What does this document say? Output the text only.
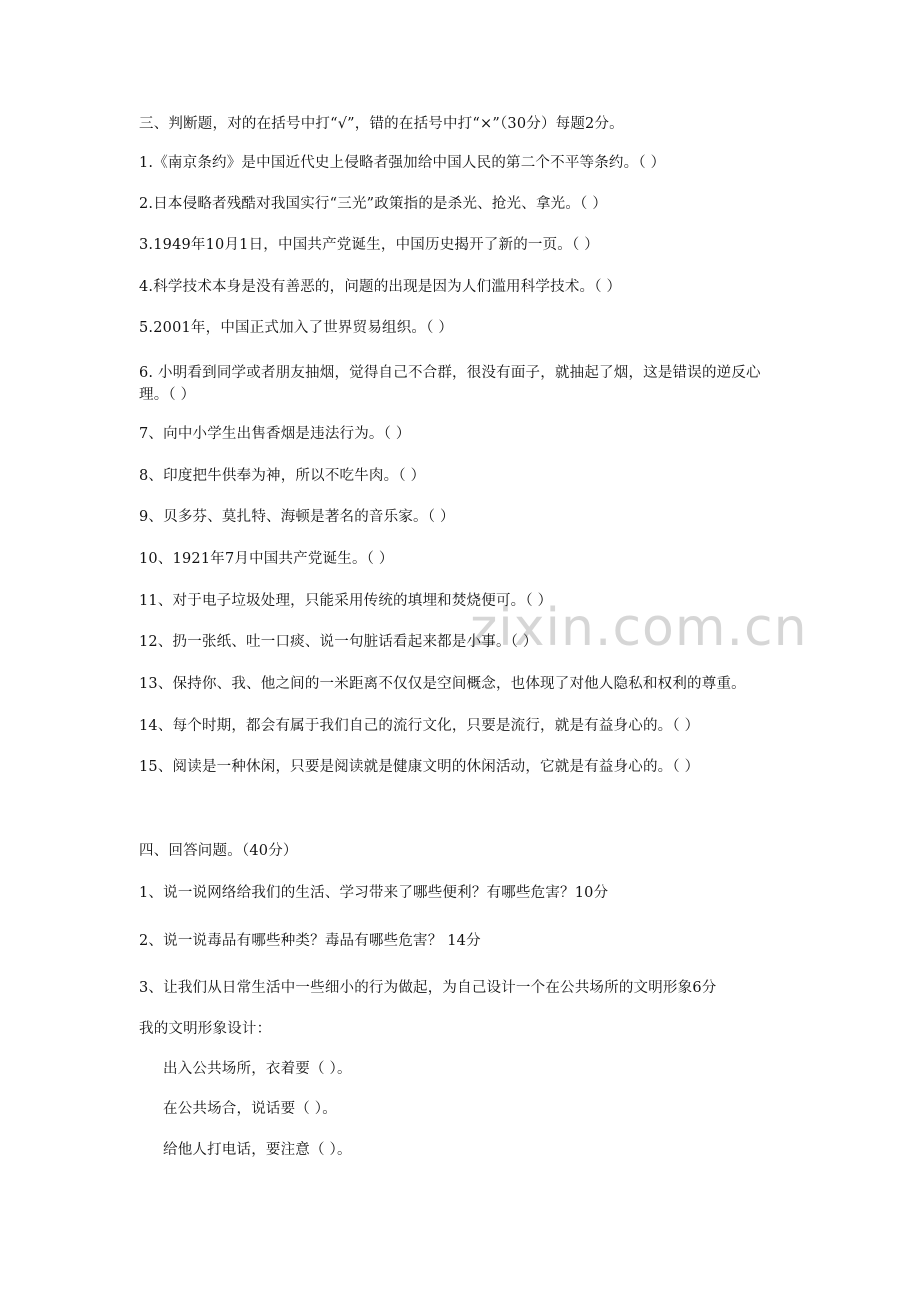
zixin.com.cn
三、判断题，对的在括号中打“√”，错的在括号中打“×”（30分）每题2分。
1.《南京条约》是中国近代史上侵略者强加给中国人民的第二个不平等条约。（ ）
2.日本侵略者残酷对我国实行“三光”政策指的是杀光、抢光、拿光。（ ）
3.1949年10月1日，中国共产党诞生，中国历史揭开了新的一页。（ ）
4.科学技术本身是没有善恶的，问题的出现是因为人们滥用科学技术。（ ）
5.2001年，中国正式加入了世界贸易组织。（ ）
6. 小明看到同学或者朋友抽烟，觉得自己不合群，很没有面子，就抽起了烟，这是错误的逆反心理。（ ）
7、向中小学生出售香烟是违法行为。（ ）
8、印度把牛供奉为神，所以不吃牛肉。（ ）
9、贝多芬、莫扎特、海顿是著名的音乐家。（ ）
10、1921年7月中国共产党诞生。（ ）
11、对于电子垃圾处理，只能采用传统的填埋和焚烧便可。（ ）
12、扔一张纸、吐一口痰、说一句脏话看起来都是小事。（ ）
13、保持你、我、他之间的一米距离不仅仅是空间概念，也体现了对他人隐私和权利的尊重。
14、每个时期，都会有属于我们自己的流行文化，只要是流行，就是有益身心的。（ ）
15、阅读是一种休闲，只要是阅读就是健康文明的休闲活动，它就是有益身心的。（ ）
四、回答问题。（40分）
1、说一说网络给我们的生活、学习带来了哪些便利？有哪些危害？10分
2、说一说毒品有哪些种类？毒品有哪些危害？ 14分
3、让我们从日常生活中一些细小的行为做起，为自己设计一个在公共场所的文明形象6分
我的文明形象设计：
出入公共场所，衣着要（ ）。
在公共场合，说话要（ ）。
给他人打电话，要注意（ ）。
